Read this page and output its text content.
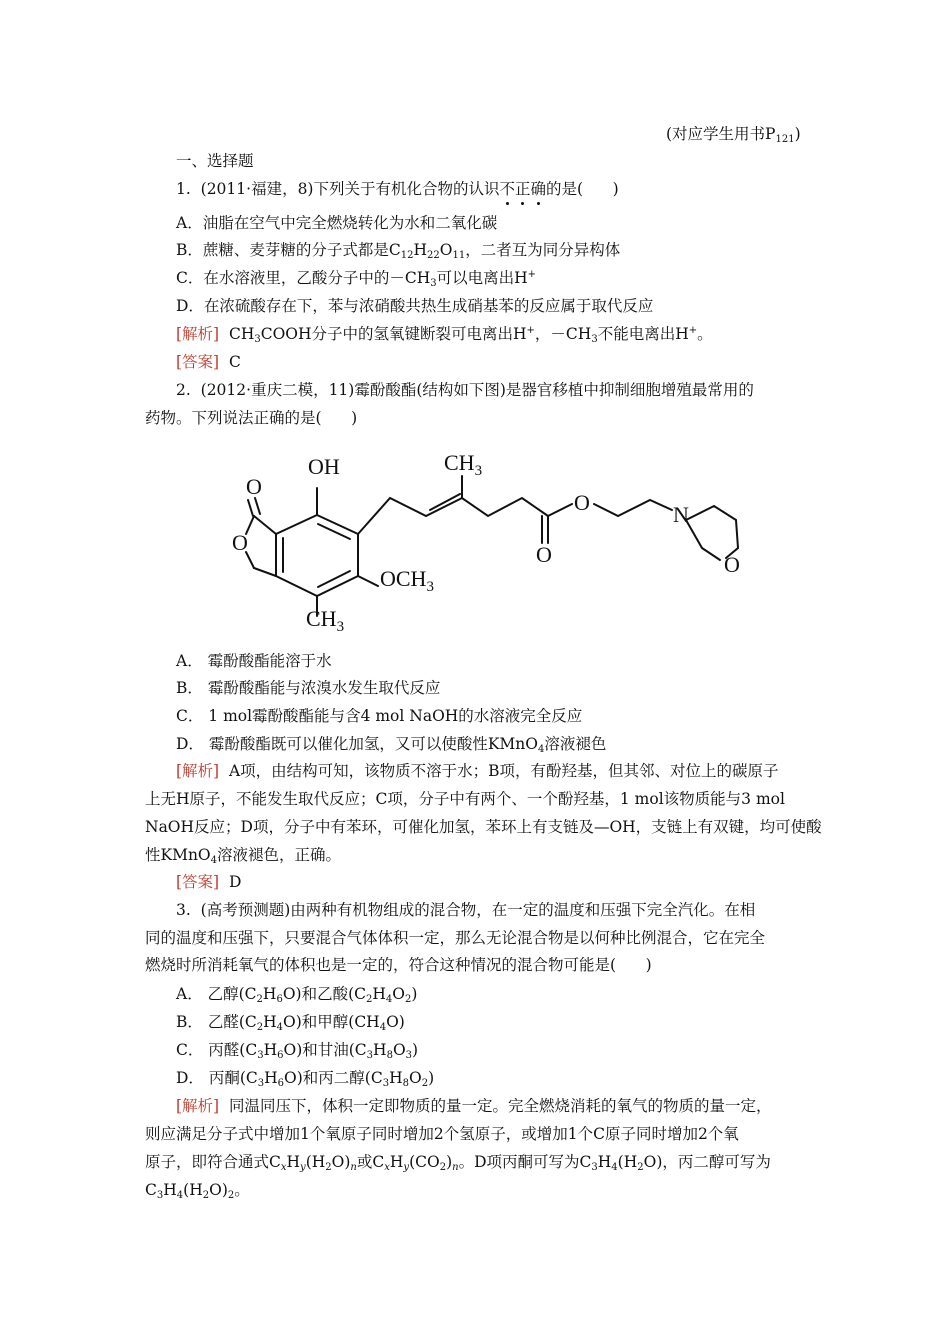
(对应学生用书$P_{121}$)
一、选择题
1.  (2011·福建，8)下列关于有机化合物的认识不正确的是(      )
A．油脂在空气中完全燃烧转化为水和二氧化碳
B．蔗糖、麦芽糖的分子式都是$C_{12}H_{22}O_{11}$，二者互为同分异构体
C．在水溶液里，乙酸分子中的$-CH_3$可以电离出H+
D．在浓硫酸存在下，苯与浓硝酸共热生成硝基苯的反应属于取代反应
[解析]  $CH_3COOH$分子中的氢氧键断裂可电离出H+，$-CH_3$不能电离出H+。
[答案]  C
2.  (2012·重庆二模，11)霉酚酸酯(结构如下图)是器官移植中抑制细胞增殖最常用的
药物。下列说法正确的是(      )
OH	$CH_3$
O
O
O
O
N
O
$OCH_3$
$CH_3$
A． 霉酚酸酯能溶于水
B． 霉酚酸酯能与浓溴水发生取代反应
C． 1 mol霉酚酸酯能与含4 mol NaOH的水溶液完全反应
D． 霉酚酸酯既可以催化加氢，又可以使酸性KMnO$_4$溶液褪色
[解析]  A项，由结构可知，该物质不溶于水；B项，有酚羟基，但其邻、对位上的碳原子
上无H原子，不能发生取代反应；C项，分子中有两个、一个酚羟基，1 mol该物质能与3 mol
NaOH反应；D项，分子中有苯环，可催化加氢，苯环上有支链及—OH，支链上有双键，均可使酸
性KMnO$_4$溶液褪色，正确。
[答案]  D
3.  (高考预测题)由两种有机物组成的混合物，在一定的温度和压强下完全汽化。在相
同的温度和压强下，只要混合气体体积一定，那么无论混合物是以何种比例混合，它在完全
燃烧时所消耗氧气的体积也是一定的，符合这种情况的混合物可能是(      )
A． 乙醇$(C_2H_6O)$和乙酸$(C_2H_4O_2)$
B． 乙醛$(C_2H_4O)$和甲醇$(CH_4O)$
C． 丙醛$(C_3H_6O)$和甘油$(C_3H_8O_3)$
D． 丙酮$(C_3H_6O)$和丙二醇$(C_3H_8O_2)$
[解析]  同温同压下，体积一定即物质的量一定。完全燃烧消耗的氧气的物质的量一定，
则应满足分子式中增加1个氧原子同时增加2个氢原子，或增加1个C原子同时增加2个氧
原子，即符合通式$C_xH_y(H_2O)_n$或$C_xH_y(CO_2)_n$。D项丙酮可写为$C_3H_4(H_2O)$，丙二醇可写为
$C_3H_4(H_2O)_2$。
